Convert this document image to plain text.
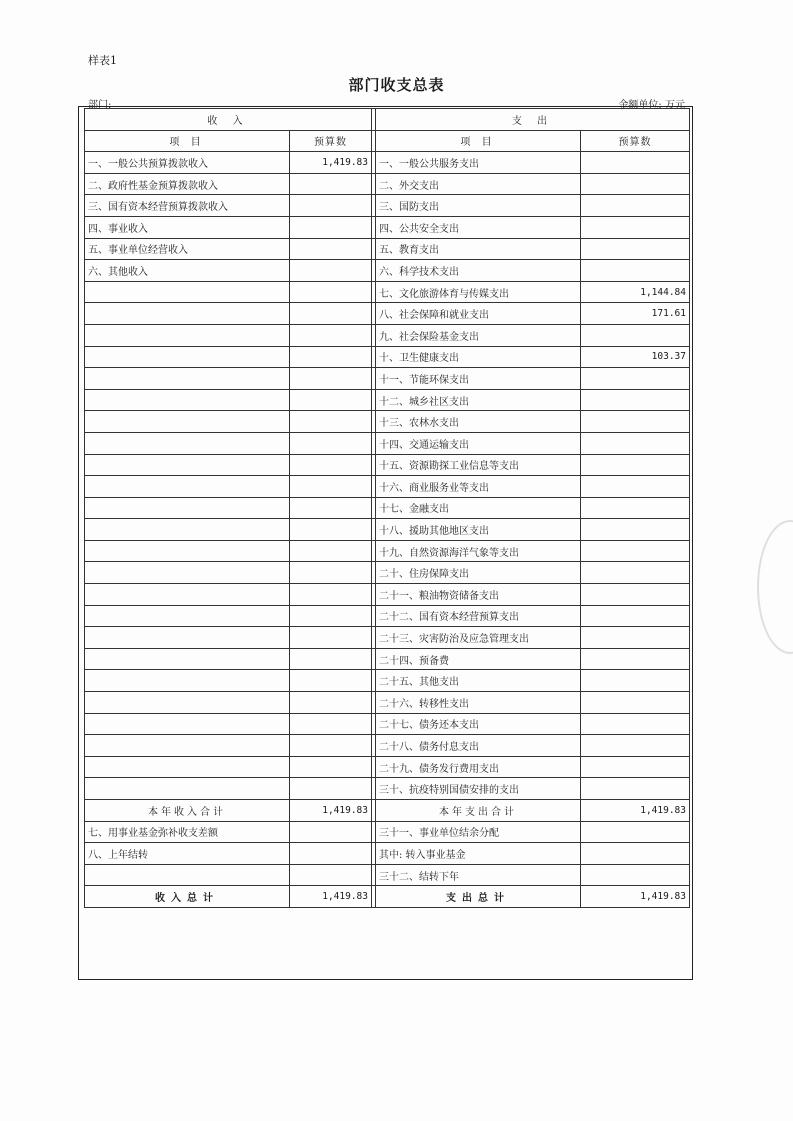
样表1
部门收支总表
部门:	金额单位: 万元
收 入			支 出	
项 目	预算数		项 目	预算数
一、一般公共预算拨款收入	1,419.83		一、一般公共服务支出	
二、政府性基金预算拨款收入			二、外交支出	
三、国有资本经营预算拨款收入			三、国防支出	
四、事业收入			四、公共安全支出	
五、事业单位经营收入			五、教育支出	
六、其他收入			六、科学技术支出	
			七、文化旅游体育与传媒支出	1,144.84
			八、社会保障和就业支出	171.61
			九、社会保险基金支出	
			十、卫生健康支出	103.37
			十一、节能环保支出	
			十二、城乡社区支出	
			十三、农林水支出	
			十四、交通运输支出	
			十五、资源勘探工业信息等支出	
			十六、商业服务业等支出	
			十七、金融支出	
			十八、援助其他地区支出	
			十九、自然资源海洋气象等支出	
			二十、住房保障支出	
			二十一、粮油物资储备支出	
			二十二、国有资本经营预算支出	
			二十三、灾害防治及应急管理支出	
			二十四、预备费	
			二十五、其他支出	
			二十六、转移性支出	
			二十七、债务还本支出	
			二十八、债务付息支出	
			二十九、债务发行费用支出	
			三十、抗疫特别国债安排的支出	
本年收入合计	1,419.83		本年支出合计	1,419.83
七、用事业基金弥补收支差额			三十一、事业单位结余分配	
八、上年结转			其中: 转入事业基金	
			三十二、结转下年	
收入总计	1,419.83		支出总计	1,419.83
